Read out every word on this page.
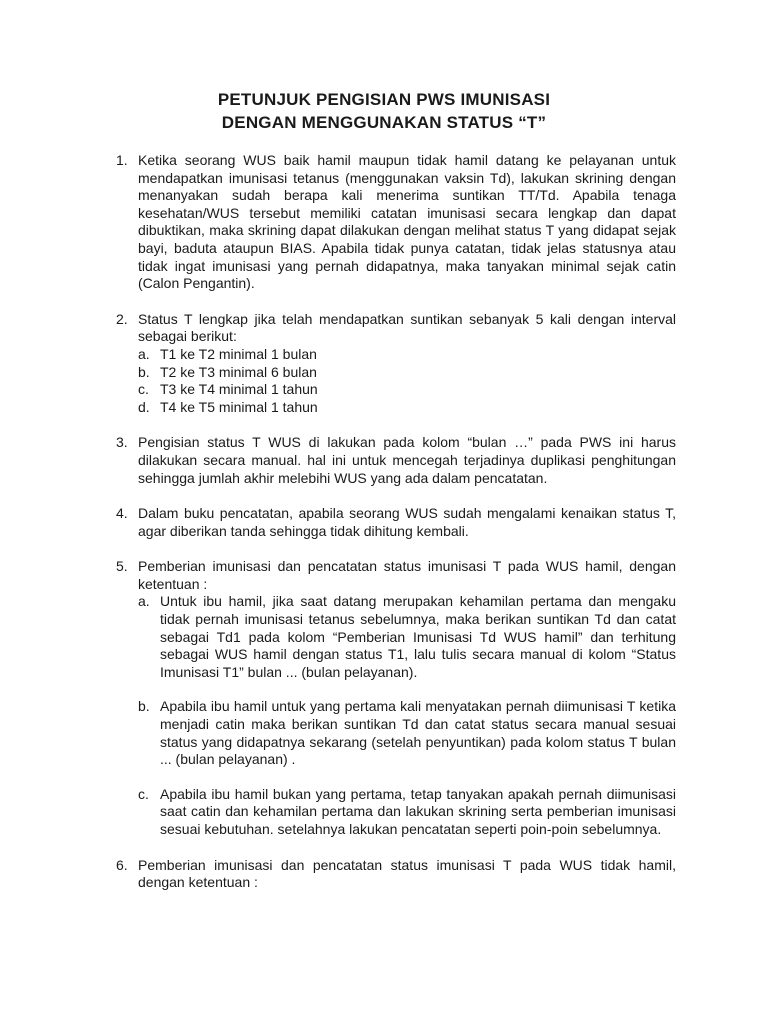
PETUNJUK PENGISIAN PWS IMUNISASI
DENGAN MENGGUNAKAN STATUS “T”
1. Ketika seorang WUS baik hamil maupun tidak hamil datang ke pelayanan untuk mendapatkan imunisasi tetanus (menggunakan vaksin Td), lakukan skrining dengan menanyakan sudah berapa kali menerima suntikan TT/Td. Apabila tenaga kesehatan/WUS tersebut memiliki catatan imunisasi secara lengkap dan dapat dibuktikan, maka skrining dapat dilakukan dengan melihat status T yang didapat sejak bayi, baduta ataupun BIAS. Apabila tidak punya catatan, tidak jelas statusnya atau tidak ingat imunisasi yang pernah didapatnya, maka tanyakan minimal sejak catin (Calon Pengantin).
2. Status T lengkap jika telah mendapatkan suntikan sebanyak 5 kali dengan interval sebagai berikut:
a. T1 ke T2 minimal 1 bulan
b. T2 ke T3 minimal 6 bulan
c. T3 ke T4 minimal 1 tahun
d. T4 ke T5 minimal 1 tahun
3. Pengisian status T WUS di lakukan pada kolom “bulan …” pada PWS ini harus dilakukan secara manual. hal ini untuk mencegah terjadinya duplikasi penghitungan sehingga jumlah akhir melebihi WUS yang ada dalam pencatatan.
4. Dalam buku pencatatan, apabila seorang WUS sudah mengalami kenaikan status T, agar diberikan tanda sehingga tidak dihitung kembali.
5. Pemberian imunisasi dan pencatatan status imunisasi T pada WUS hamil, dengan ketentuan :
a. Untuk ibu hamil, jika saat datang merupakan kehamilan pertama dan mengaku tidak pernah imunisasi tetanus sebelumnya, maka berikan suntikan Td dan catat sebagai Td1 pada kolom “Pemberian Imunisasi Td WUS hamil” dan terhitung sebagai WUS hamil dengan status T1, lalu tulis secara manual di kolom “Status Imunisasi T1” bulan ... (bulan pelayanan).
b. Apabila ibu hamil untuk yang pertama kali menyatakan pernah diimunisasi T ketika menjadi catin maka berikan suntikan Td dan catat status secara manual sesuai status yang didapatnya sekarang (setelah penyuntikan) pada kolom status T bulan ... (bulan pelayanan) .
c. Apabila ibu hamil bukan yang pertama, tetap tanyakan apakah pernah diimunisasi saat catin dan kehamilan pertama dan lakukan skrining serta pemberian imunisasi sesuai kebutuhan. setelahnya lakukan pencatatan seperti poin-poin sebelumnya.
6. Pemberian imunisasi dan pencatatan status imunisasi T pada WUS tidak hamil, dengan ketentuan :
